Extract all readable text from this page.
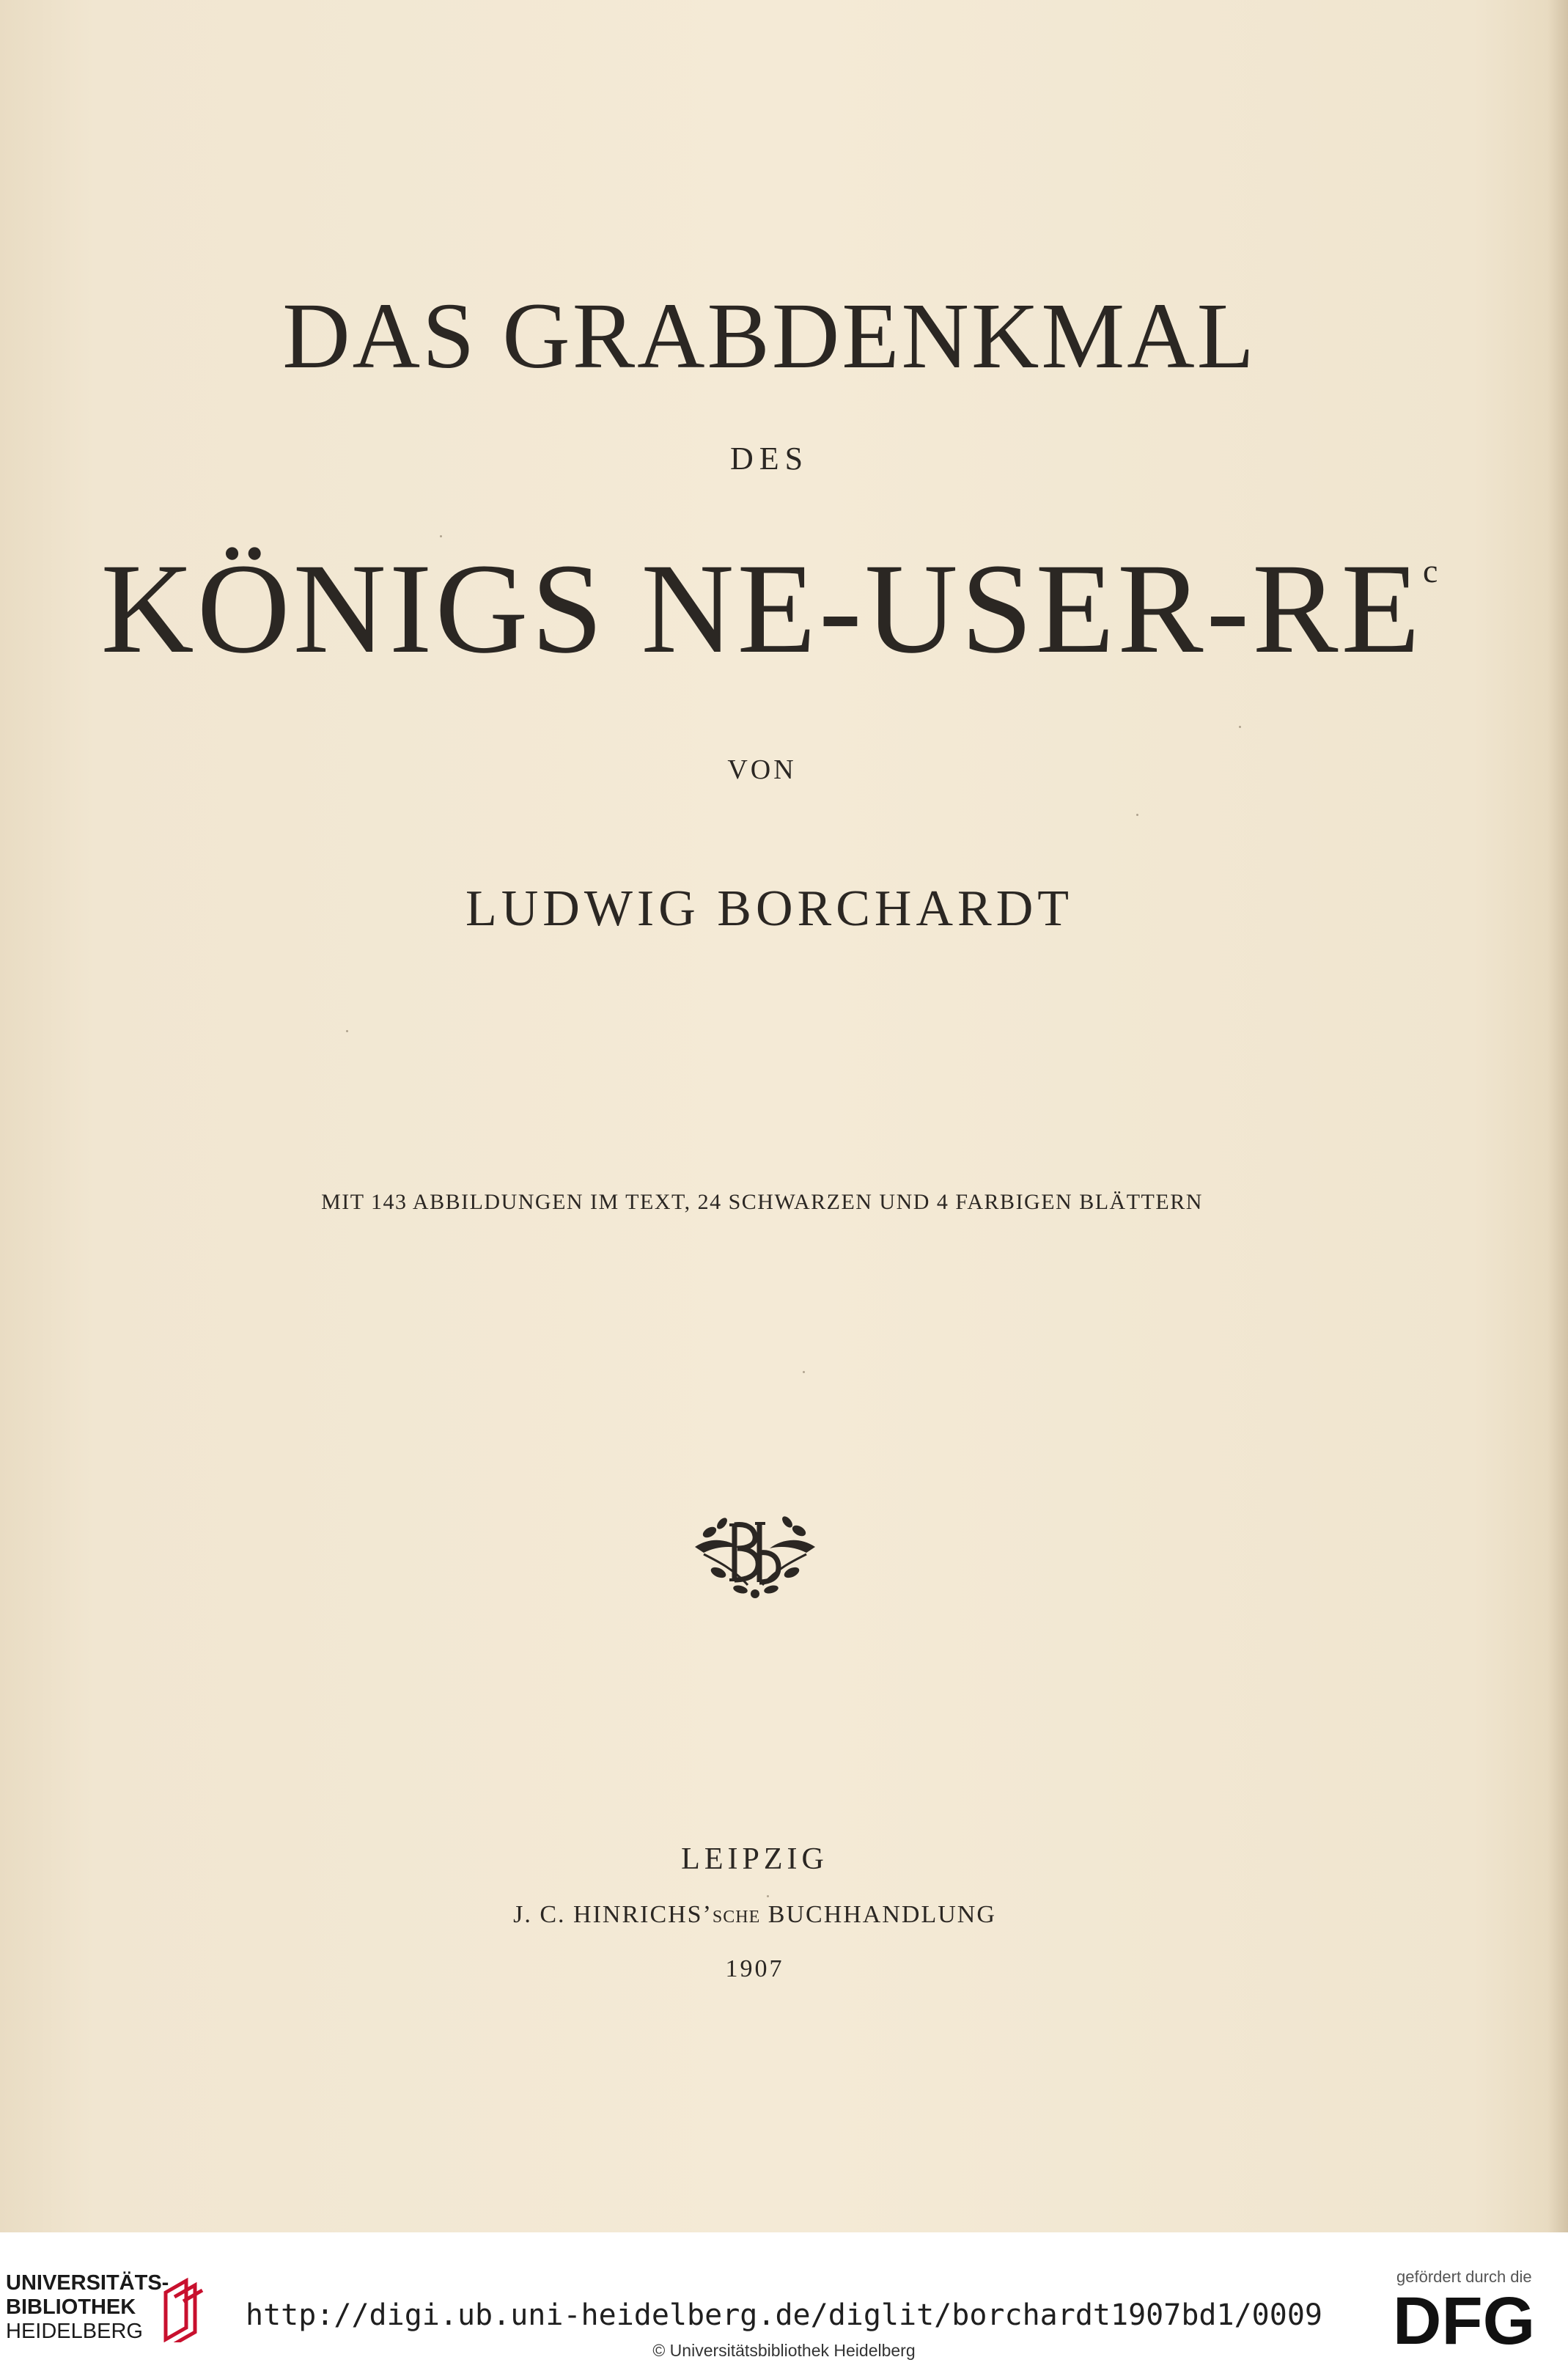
DAS GRABDENKMAL
DES
KÖNIGS $NE-USER-RE^c$
VON
LUDWIG BORCHARDT
MIT 143 ABBILDUNGEN IM TEXT, 24 SCHWARZEN UND 4 FARBIGEN BLÄTTERN
LEIPZIG
J. C. HINRICHS’SCHE BUCHHANDLUNG
1907
UNIVERSITÄTS-
BIBLIOTHEK
HEIDELBERG	http://digi.ub.uni-heidelberg.de/diglit/borchardt1907bd1/0009
© Universitätsbibliothek Heidelberg
gefördert durch die
DFG
